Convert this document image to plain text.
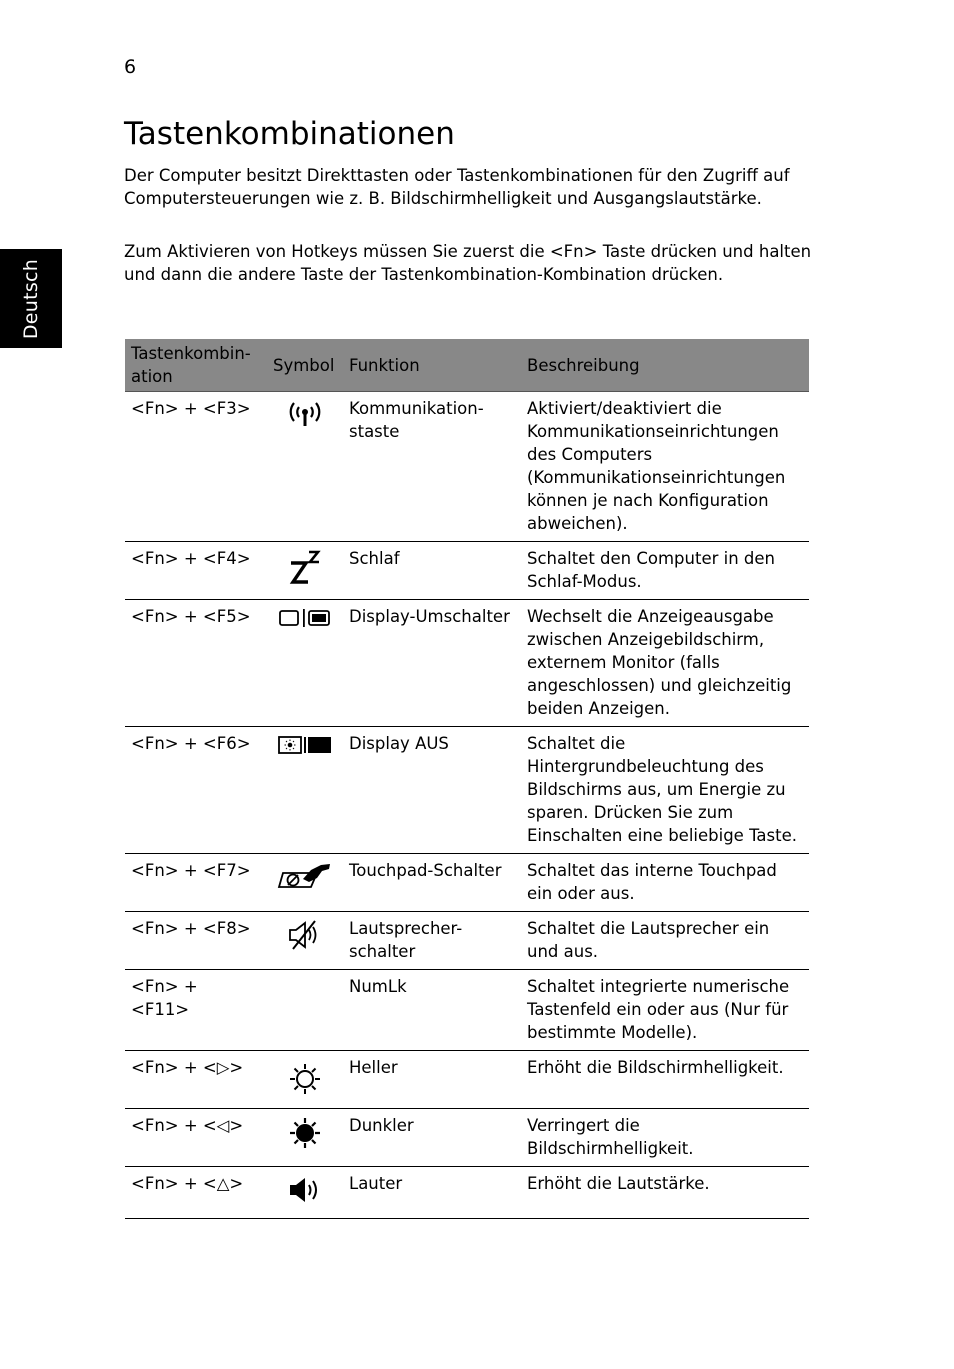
6
Deutsch
Tastenkombinationen

Der Computer besitzt Direkttasten oder Tastenkombinationen für den Zugriff auf Computersteuerungen wie z. B. Bildschirmhelligkeit und Ausgangslautstärke.

Zum Aktivieren von Hotkeys müssen Sie zuerst die <Fn> Taste drücken und halten und dann die andere Taste der Tastenkombination-Kombination drücken.

Tastenkombin-
ation	Symbol	Funktion	Beschreibung
<Fn> + <F3>		Kommunikation-
staste	Aktiviert/deaktiviert die Kommunikationseinrichtungen des Computers (Kommunikationseinrichtungen können je nach Konfiguration abweichen).
<Fn> + <F4>		Schlaf	Schaltet den Computer in den Schlaf-Modus.
<Fn> + <F5>		Display-Umschalter	Wechselt die Anzeigeausgabe zwischen Anzeigebildschirm, externem Monitor (falls angeschlossen) und gleichzeitig beiden Anzeigen.
<Fn> + <F6>		Display AUS	Schaltet die Hintergrundbeleuchtung des Bildschirms aus, um Energie zu sparen. Drücken Sie zum Einschalten eine beliebige Taste.
<Fn> + <F7>		Touchpad-Schalter	Schaltet das interne Touchpad ein oder aus.
<Fn> + <F8>		Lautsprecher-
schalter	Schaltet die Lautsprecher ein und aus.
<Fn> + <F11>		NumLk	Schaltet integrierte numerische Tastenfeld ein oder aus (Nur für bestimmte Modelle).
<Fn> + <▷>		Heller	Erhöht die Bildschirmhelligkeit.
<Fn> + <◁>		Dunkler	Verringert die Bildschirmhelligkeit.
<Fn> + <△>		Lauter	Erhöht die Lautstärke.
